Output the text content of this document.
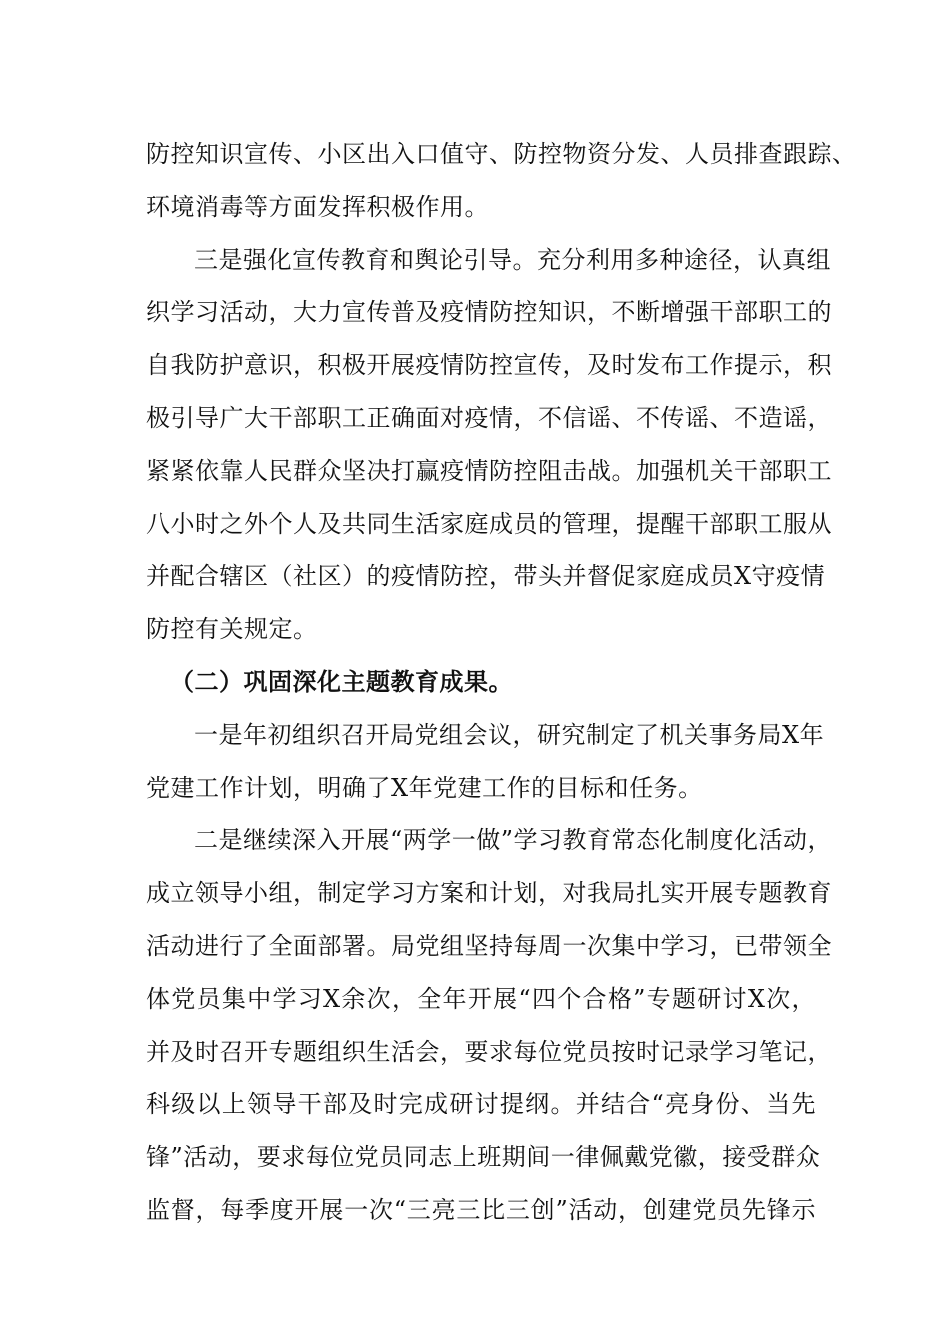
防控知识宣传、小区出入口值守、防控物资分发、人员排查跟踪、
环境消毒等方面发挥积极作用。
三是强化宣传教育和舆论引导。充分利用多种途径，认真组
织学习活动，大力宣传普及疫情防控知识，不断增强干部职工的
自我防护意识，积极开展疫情防控宣传，及时发布工作提示，积
极引导广大干部职工正确面对疫情，不信谣、不传谣、不造谣，
紧紧依靠人民群众坚决打赢疫情防控阻击战。加强机关干部职工
八小时之外个人及共同生活家庭成员的管理，提醒干部职工服从
并配合辖区（社区）的疫情防控，带头并督促家庭成员X守疫情
防控有关规定。
（二）巩固深化主题教育成果。
一是年初组织召开局党组会议，研究制定了机关事务局X年
党建工作计划，明确了X年党建工作的目标和任务。
二是继续深入开展“两学一做”学习教育常态化制度化活动，
成立领导小组，制定学习方案和计划，对我局扎实开展专题教育
活动进行了全面部署。局党组坚持每周一次集中学习，已带领全
体党员集中学习X余次，全年开展“四个合格”专题研讨X次，
并及时召开专题组织生活会，要求每位党员按时记录学习笔记，
科级以上领导干部及时完成研讨提纲。并结合“亮身份、当先
锋”活动，要求每位党员同志上班期间一律佩戴党徽，接受群众
监督，每季度开展一次“三亮三比三创”活动，创建党员先锋示
